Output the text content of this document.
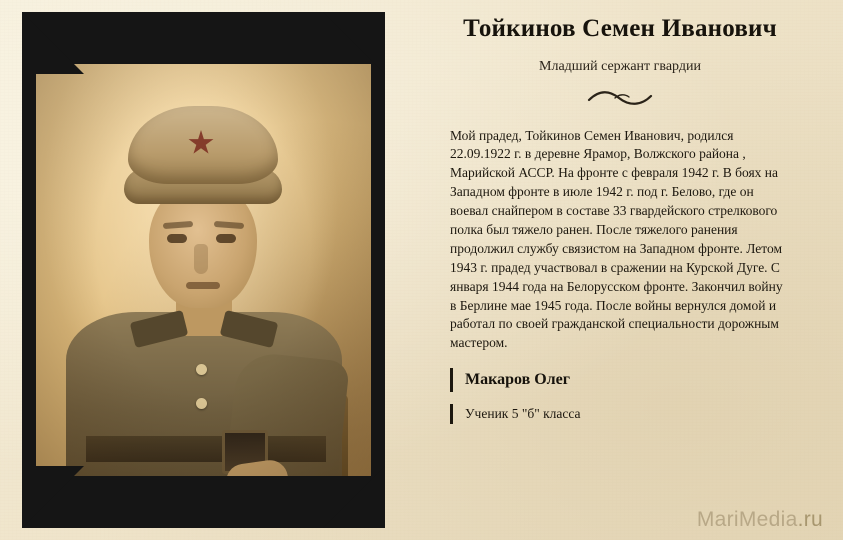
Тойкинов Семен Иванович
Младший сержант гвардии

Мой прадед, Тойкинов Семен Иванович, родился 22.09.1922 г. в деревне Ярамор, Волжского района , Марийской АССР. На фронте с февраля 1942 г. В боях на Западном фронте в июле 1942 г. под г. Белово, где он воевал снайпером в составе 33 гвардейского стрелкового полка был тяжело ранен. После тяжелого ранения продолжил службу связистом на Западном фронте. Летом 1943 г. прадед участвовал в сражении на Курской Дуге. С января 1944 года на Белорусском фронте. Закончил войну в Берлине мае 1945 года. После войны вернулся домой и работал по своей гражданской специальности дорожным мастером.

Макаров Олег
Ученик 5 "б" класса
MariMedia.ru
